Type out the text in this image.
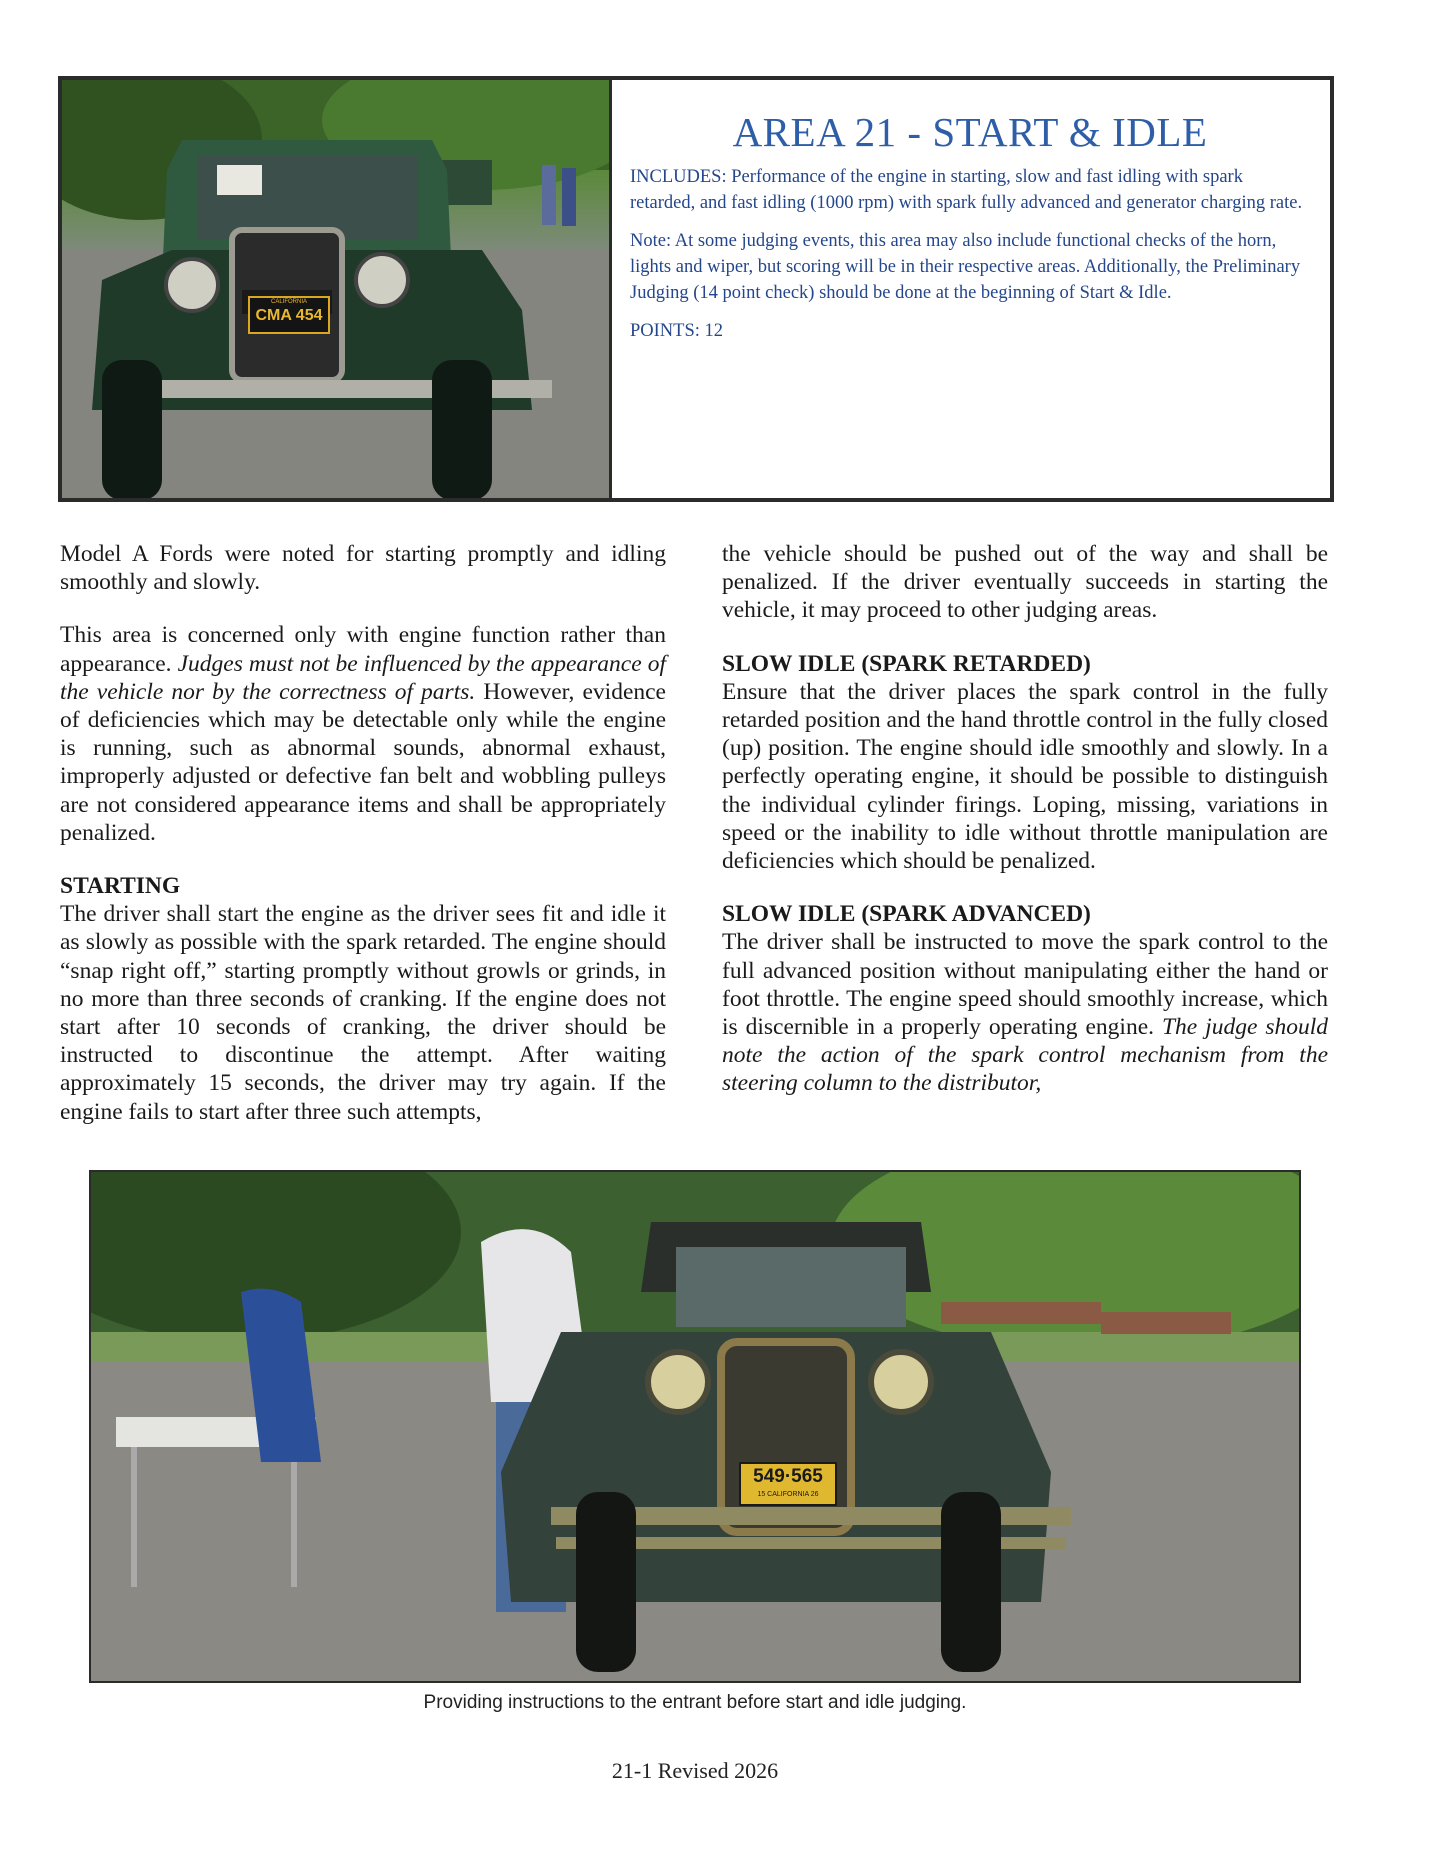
CALIFORNIA
CMA 454
AREA 21 - START & IDLE

INCLUDES: Performance of the engine in starting, slow and fast idling with spark retarded, and fast idling (1000 rpm) with spark fully advanced and generator charging rate.

Note: At some judging events, this area may also include functional checks of the horn, lights and wiper, but scoring will be in their respective areas. Additionally, the Preliminary Judging (14 point check) should be done at the beginning of Start & Idle.

POINTS: 12

Model A Fords were noted for starting promptly and idling smoothly and slowly.

This area is concerned only with engine function rather than appearance. Judges must not be influenced by the appearance of the vehicle nor by the correctness of parts. However, evidence of deficiencies which may be detectable only while the engine is running, such as abnormal sounds, abnormal exhaust, improperly adjusted or defective fan belt and wobbling pulleys are not considered appearance items and shall be appropriately penalized.

STARTING

The driver shall start the engine as the driver sees fit and idle it as slowly as possible with the spark retarded. The engine should “snap right off,” starting promptly without growls or grinds, in no more than three seconds of cranking. If the engine does not start after 10 seconds of cranking, the driver should be instructed to discontinue the attempt. After waiting approximately 15 seconds, the driver may try again. If the engine fails to start after three such attempts,

the vehicle should be pushed out of the way and shall be penalized. If the driver eventually succeeds in starting the vehicle, it may proceed to other judging areas.

SLOW IDLE (SPARK RETARDED)

Ensure that the driver places the spark control in the fully retarded position and the hand throttle control in the fully closed (up) position. The engine should idle smoothly and slowly. In a perfectly operating engine, it should be possible to distinguish the individual cylinder firings. Loping, missing, variations in speed or the inability to idle without throttle manipulation are deficiencies which should be penalized.

SLOW IDLE (SPARK ADVANCED)

The driver shall be instructed to move the spark control to the full advanced position without manipulating either the hand or foot throttle. The engine speed should smoothly increase, which is discernible in a properly operating engine. The judge should note the action of the spark control mechanism from the steering column to the distributor,

549·565
15 CALIFORNIA 26
Providing instructions to the entrant before start and idle judging.
21-1 Revised 2026
